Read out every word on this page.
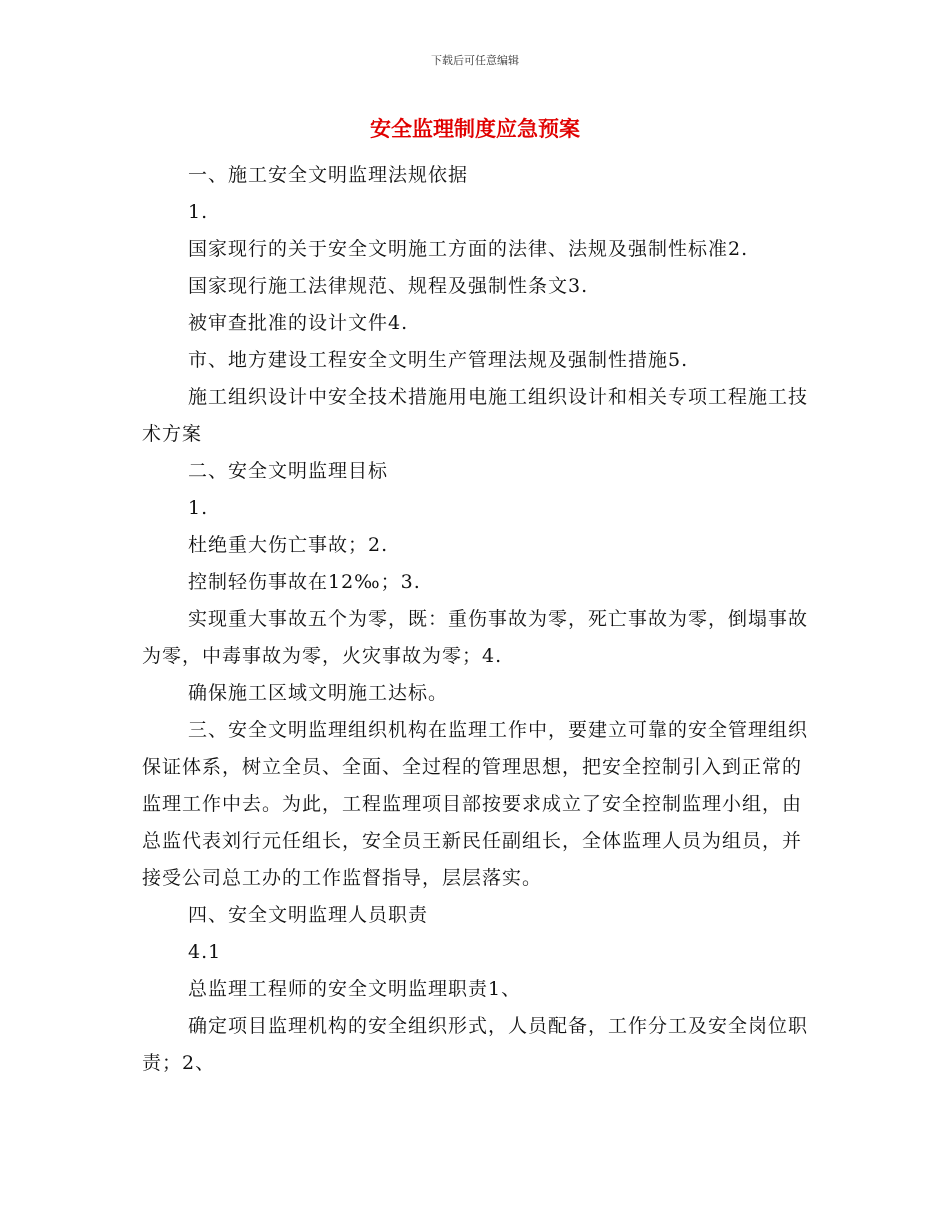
下载后可任意编辑
安全监理制度应急预案

一、施工安全文明监理法规依据

1.

国家现行的关于安全文明施工方面的法律、法规及强制性标准2.

国家现行施工法律规范、规程及强制性条文3.

被审查批准的设计文件4.

市、地方建设工程安全文明生产管理法规及强制性措施5.

施工组织设计中安全技术措施用电施工组织设计和相关专项工程施工技术方案

二、安全文明监理目标

1.

杜绝重大伤亡事故；2.

控制轻伤事故在12‰；3.

实现重大事故五个为零，既：重伤事故为零，死亡事故为零，倒塌事故为零，中毒事故为零，火灾事故为零；4.

确保施工区域文明施工达标。

三、安全文明监理组织机构在监理工作中，要建立可靠的安全管理组织保证体系，树立全员、全面、全过程的管理思想，把安全控制引入到正常的监理工作中去。为此，工程监理项目部按要求成立了安全控制监理小组，由总监代表刘行元任组长，安全员王新民任副组长，全体监理人员为组员，并接受公司总工办的工作监督指导，层层落实。

四、安全文明监理人员职责

4.1

总监理工程师的安全文明监理职责1、

确定项目监理机构的安全组织形式，人员配备，工作分工及安全岗位职责；2、
